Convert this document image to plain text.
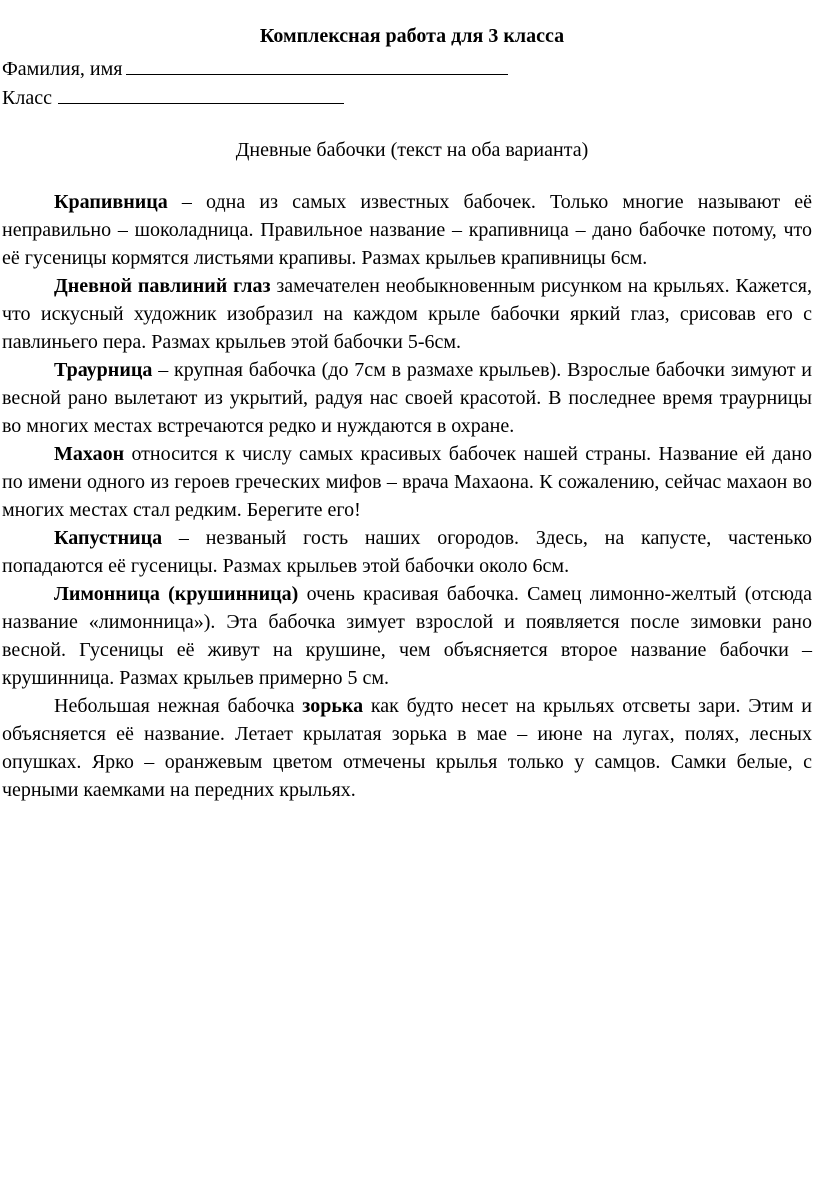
Комплексная работа для 3 класса

Фамилия, имя

Класс

Дневные бабочки (текст на оба варианта)

Крапивница – одна из самых известных бабочек. Только многие называют её неправильно – шоколадница. Правильное название – крапивница – дано бабочке потому, что её гусеницы кормятся листьями крапивы. Размах крыльев крапивницы 6см.

Дневной павлиний глаз замечателен необыкновенным рисунком на крыльях. Кажется, что искусный художник изобразил на каждом крыле бабочки яркий глаз, срисовав его с павлиньего пера. Размах крыльев этой бабочки 5-6см.

Траурница – крупная бабочка (до 7см в размахе крыльев). Взрослые бабочки зимуют и весной рано вылетают из укрытий, радуя нас своей красотой. В последнее время траурницы во многих местах встречаются редко и нуждаются в охране.

Махаон относится к числу самых красивых бабочек нашей страны. Название ей дано по имени одного из героев греческих мифов – врача Махаона. К сожалению, сейчас махаон во многих местах стал редким. Берегите его!

Капустница – незваный гость наших огородов. Здесь, на капусте, частенько попадаются её гусеницы. Размах крыльев этой бабочки около 6см.

Лимонница (крушинница) очень красивая бабочка. Самец лимонно-желтый (отсюда название «лимонница»). Эта бабочка зимует взрослой и появляется после зимовки рано весной. Гусеницы её живут на крушине, чем объясняется второе название бабочки – крушинница. Размах крыльев примерно 5 см.

Небольшая нежная бабочка зорька как будто несет на крыльях отсветы зари. Этим и объясняется её название. Летает крылатая зорька в мае – июне на лугах, полях, лесных опушках. Ярко – оранжевым цветом отмечены крылья только у самцов. Самки белые, с черными каемками на передних крыльях.
